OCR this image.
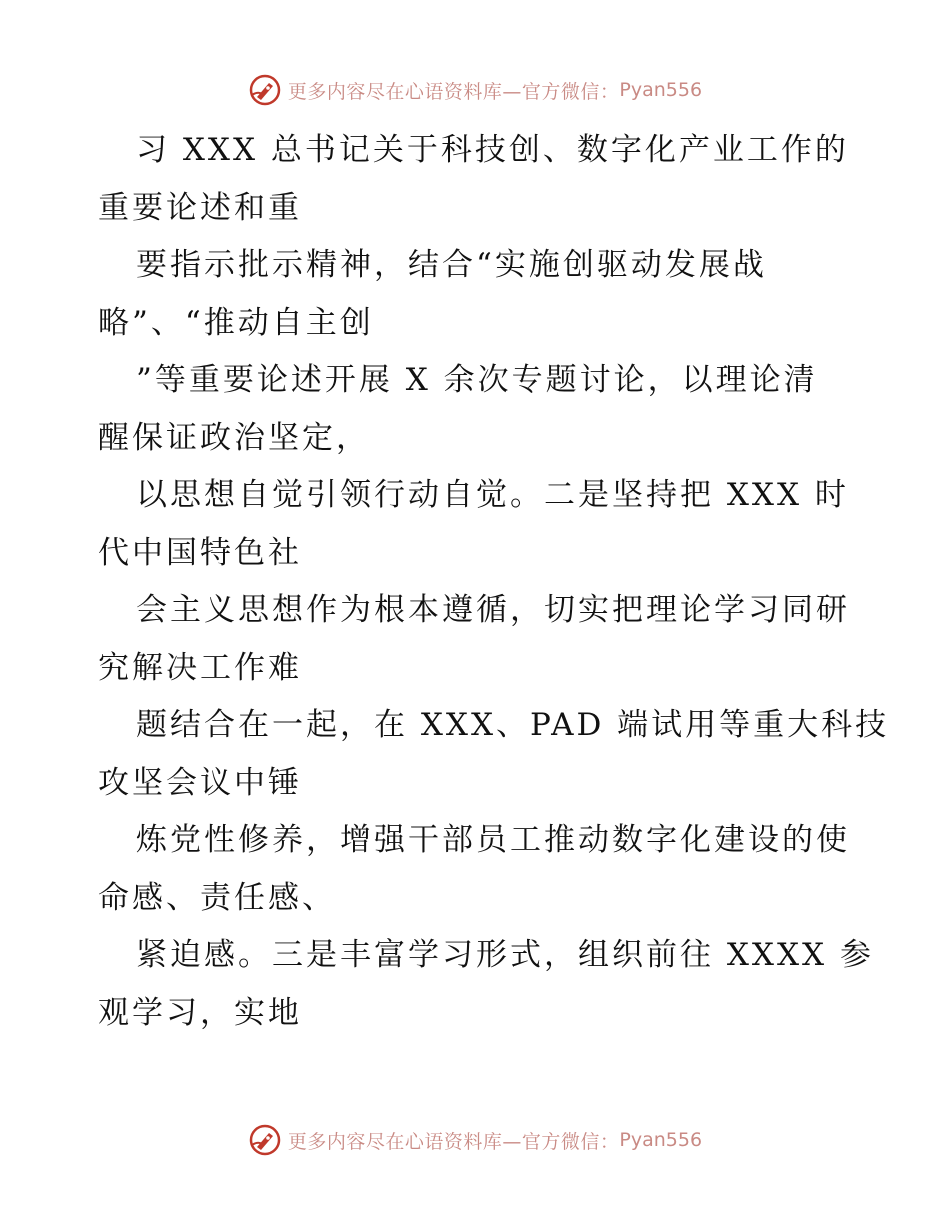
更多内容尽在心语资料库—官方微信： Pyan556

习 XXX 总书记关于科技创、数字化产业工作的

重要论述和重

要指示批示精神，结合“实施创驱动发展战

略”、“推动自主创

”等重要论述开展 X 余次专题讨论，以理论清

醒保证政治坚定，

以思想自觉引领行动自觉。二是坚持把 XXX 时

代中国特色社

会主义思想作为根本遵循，切实把理论学习同研

究解决工作难

题结合在一起，在 XXX、PAD 端试用等重大科技

攻坚会议中锤

炼党性修养，增强干部员工推动数字化建设的使

命感、责任感、

紧迫感。三是丰富学习形式，组织前往 XXXX 参

观学习，实地

更多内容尽在心语资料库—官方微信： Pyan556
